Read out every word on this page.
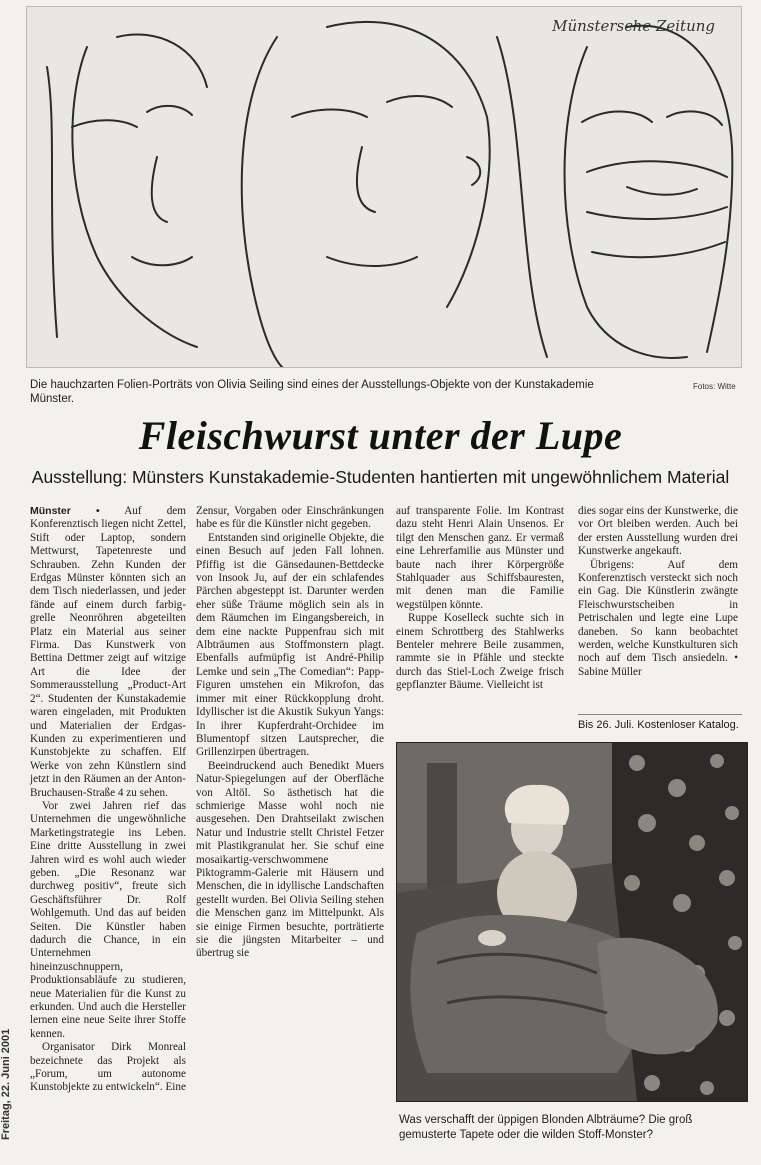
Münstersche Zeitung
Die hauchzarten Folien-Porträts von Olivia Seiling sind eines der Ausstellungs-Objekte von der Kunstakademie Münster.
Fotos: Witte
Fleischwurst unter der Lupe
Ausstellung: Münsters Kunstakademie-Studenten hantierten mit ungewöhnlichem Material

Münster • Auf dem Konferenztisch liegen nicht Zettel, Stift oder Laptop, sondern Mettwurst, Tapetenreste und Schrauben. Zehn Kunden der Erdgas Münster könnten sich an dem Tisch niederlassen, und jeder fände auf einem durch farbig-grelle Neonröhren abgeteilten Platz ein Material aus seiner Firma. Das Kunstwerk von Bettina Dettmer zeigt auf witzige Art die Idee der Sommerausstellung „Product-Art 2“. Studenten der Kunstakademie waren eingeladen, mit Produkten und Materialien der Erdgas-Kunden zu experimentieren und Kunstobjekte zu schaffen. Elf Werke von zehn Künstlern sind jetzt in den Räumen an der Anton-Bruchausen-Straße 4 zu sehen.

Vor zwei Jahren rief das Unternehmen die ungewöhnliche Marketingstrategie ins Leben. Eine dritte Ausstellung in zwei Jahren wird es wohl auch wieder geben. „Die Resonanz war durchweg positiv“, freute sich Geschäftsführer Dr. Rolf Wohlgemuth. Und das auf beiden Seiten. Die Künstler haben dadurch die Chance, in ein Unternehmen hineinzuschnuppern, Produktionsabläufe zu studieren, neue Materialien für die Kunst zu erkunden. Und auch die Hersteller lernen eine neue Seite ihrer Stoffe kennen.

Organisator Dirk Monreal bezeichnete das Projekt als „Forum, um autonome Kunstobjekte zu entwickeln“. Eine

Zensur, Vorgaben oder Einschränkungen habe es für die Künstler nicht gegeben.

Entstanden sind originelle Objekte, die einen Besuch auf jeden Fall lohnen. Pfiffig ist die Gänsedaunen-Bettdecke von Insook Ju, auf der ein schlafendes Pärchen abgesteppt ist. Darunter werden eher süße Träume möglich sein als in dem Räumchen im Eingangsbereich, in dem eine nackte Puppenfrau sich mit Albträumen aus Stoffmonstern plagt. Ebenfalls aufmüpfig ist André-Philip Lemke und sein „The Comedian“: Papp-Figuren umstehen ein Mikrofon, das immer mit einer Rückkopplung droht. Idyllischer ist die Akustik Sukyun Yangs: In ihrer Kupferdraht-Orchidee im Blumentopf sitzen Lautsprecher, die Grillenzirpen übertragen.

Beeindruckend auch Benedikt Muers Natur-Spiegelungen auf der Oberfläche von Altöl. So ästhetisch hat die schmierige Masse wohl noch nie ausgesehen. Den Drahtseilakt zwischen Natur und Industrie stellt Christel Fetzer mit Plastikgranulat her. Sie schuf eine mosaikartig-verschwommene Piktogramm-Galerie mit Häusern und Menschen, die in idyllische Landschaften gestellt wurden. Bei Olivia Seiling stehen die Menschen ganz im Mittelpunkt. Als sie einige Firmen besuchte, porträtierte sie die jüngsten Mitarbeiter – und übertrug sie

auf transparente Folie. Im Kontrast dazu steht Henri Alain Unsenos. Er tilgt den Menschen ganz. Er vermaß eine Lehrerfamilie aus Münster und baute nach ihrer Körpergröße Stahlquader aus Schiffsbauresten, mit denen man die Familie wegstülpen könnte.

Ruppe Koselleck suchte sich in einem Schrottberg des Stahlwerks Benteler mehrere Beile zusammen, rammte sie in Pfähle und steckte durch das Stiel-Loch Zweige frisch gepflanzter Bäume. Vielleicht ist

dies sogar eins der Kunstwerke, die vor Ort bleiben werden. Auch bei der ersten Ausstellung wurden drei Kunstwerke angekauft.

Übrigens: Auf dem Konferenztisch versteckt sich noch ein Gag. Die Künstlerin zwängte Fleischwurstscheiben in Petrischalen und legte eine Lupe daneben. So kann beobachtet werden, welche Kunstkulturen sich noch auf dem Tisch ansiedeln. • Sabine Müller

Bis 26. Juli. Kostenloser Katalog.
Was verschafft der üppigen Blonden Albträume? Die groß gemusterte Tapete oder die wilden Stoff-Monster?
Freitag, 22. Juni 2001
